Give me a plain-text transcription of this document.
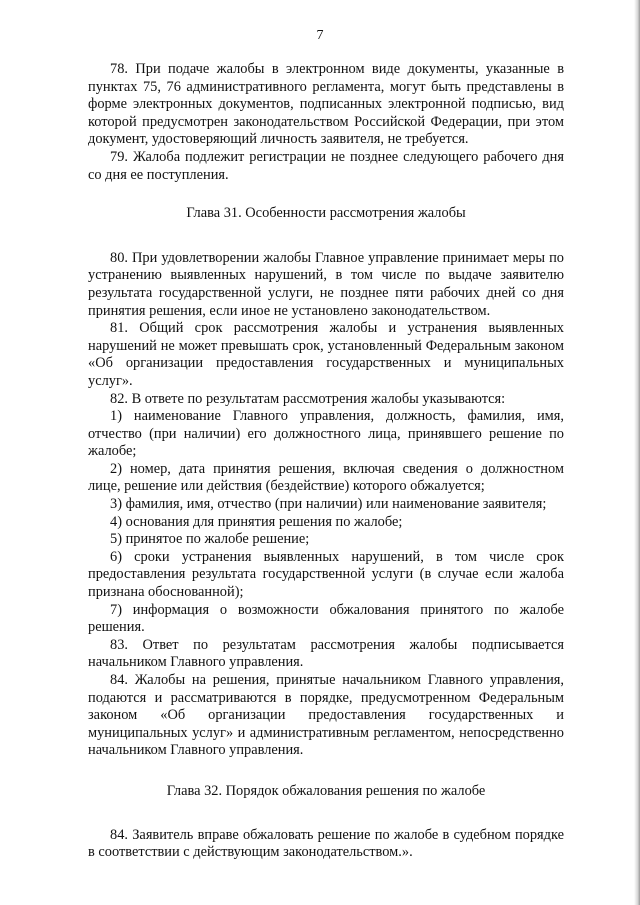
7

78. При подаче жалобы в электронном виде документы, указанные в пунктах 75, 76 административного регламента, могут быть представлены в форме электронных документов, подписанных электронной подписью, вид которой предусмотрен законодательством Российской Федерации, при этом документ, удостоверяющий личность заявителя, не требуется.

79. Жалоба подлежит регистрации не позднее следующего рабочего дня со дня ее поступления.

Глава 31. Особенности рассмотрения жалобы

80. При удовлетворении жалобы Главное управление принимает меры по устранению выявленных нарушений, в том числе по выдаче заявителю результата государственной услуги, не позднее пяти рабочих дней со дня принятия решения, если иное не установлено законодательством.

81. Общий срок рассмотрения жалобы и устранения выявленных нарушений не может превышать срок, установленный Федеральным законом «Об организации предоставления государственных и муниципальных услуг».

82. В ответе по результатам рассмотрения жалобы указываются:

1) наименование Главного управления, должность, фамилия, имя, отчество (при наличии) его должностного лица, принявшего решение по жалобе;

2) номер, дата принятия решения, включая сведения о должностном лице, решение или действия (бездействие) которого обжалуется;

3) фамилия, имя, отчество (при наличии) или наименование заявителя;

4) основания для принятия решения по жалобе;

5) принятое по жалобе решение;

6) сроки устранения выявленных нарушений, в том числе срок предоставления результата государственной услуги (в случае если жалоба признана обоснованной);

7) информация о возможности обжалования принятого по жалобе решения.

83. Ответ по результатам рассмотрения жалобы подписывается начальником Главного управления.

84. Жалобы на решения, принятые начальником Главного управления, подаются и рассматриваются в порядке, предусмотренном Федеральным законом «Об организации предоставления государственных и муниципальных услуг» и административным регламентом, непосредственно начальником Главного управления.

Глава 32. Порядок обжалования решения по жалобе

84. Заявитель вправе обжаловать решение по жалобе в судебном порядке в соответствии с действующим законодательством.».
